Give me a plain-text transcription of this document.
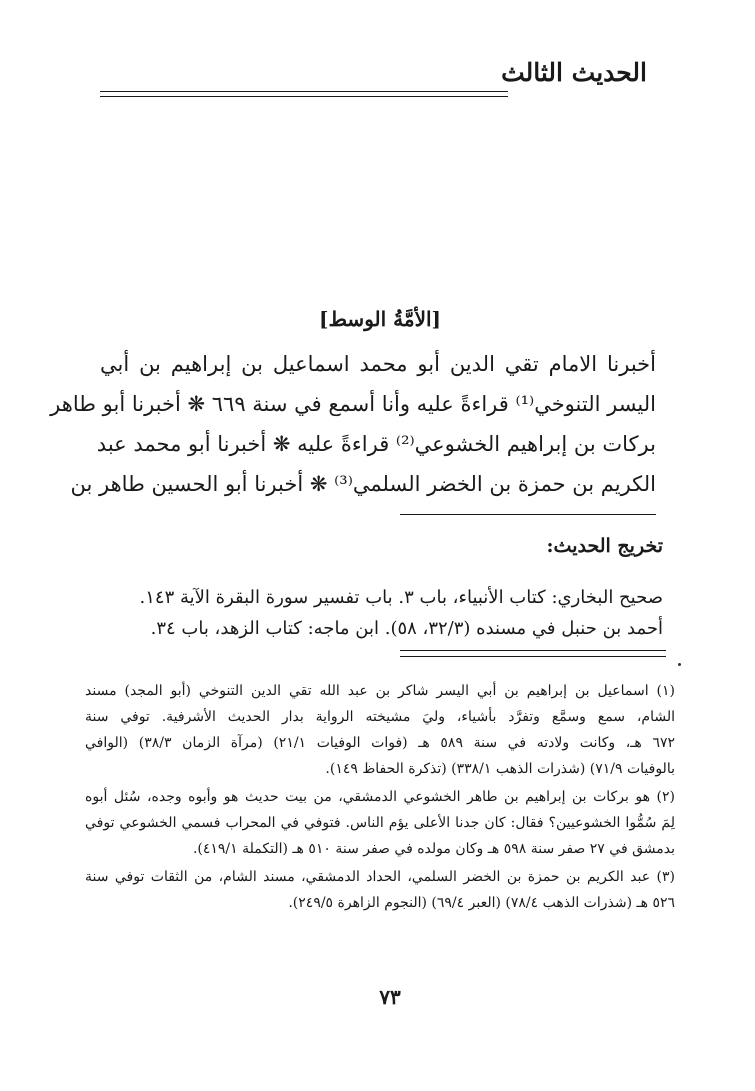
الحديث الثالث
[الأمَّةُ الوسط]
أخبرنا الامام تقي الدين أبو محمد اسماعيل بن إبراهيم بن أبي
اليسر التنوخي⁽¹⁾ قراءةً عليه وأنا أسمع في سنة ٦٦٩ ❋ أخبرنا أبو طاهر
بركات بن إبراهيم الخشوعي⁽²⁾ قراءةً عليه ❋ أخبرنا أبو محمد عبد
الكريم بن حمزة بن الخضر السلمي⁽³⁾ ❋ أخبرنا أبو الحسين طاهر بن
تخريج الحديث:
صحيح البخاري: كتاب الأنبياء، باب ٣. باب تفسير سورة البقرة الآية ١٤٣.
أحمد بن حنبل في مسنده (٣٢/٣، ٥٨). ابن ماجه: كتاب الزهد، باب ٣٤.
(١) اسماعيل بن إبراهيم بن أبي اليسر شاكر بن عبد الله تقي الدين التنوخي (أبو المجد) مسند
الشام، سمع وسمَّع وتفرَّد بأشياء، وليَ مشيخته الرواية بدار الحديث الأشرفية. توفي سنة
٦٧٢ هـ، وكانت ولادته في سنة ٥٨٩ هـ (فوات الوفيات ٢١/١) (مرآة الزمان ٣٨/٣) (الوافي
بالوفيات ٧١/٩) (شذرات الذهب ٣٣٨/١) (تذكرة الحفاظ ١٤٩).
(٢) هو بركات بن إبراهيم بن طاهر الخشوعي الدمشقي، من بيت حديث هو وأبوه وجده، سُئل أبوه
لِمَ سُمُّوا الخشوعيين؟ فقال: كان جدنا الأعلى يؤم الناس. فتوفي في المحراب فسمي الخشوعي توفي
بدمشق في ٢٧ صفر سنة ٥٩٨ هـ وكان مولده في صفر سنة ٥١٠ هـ (التكملة ٤١٩/١).
(٣) عبد الكريم بن حمزة بن الخضر السلمي، الحداد الدمشقي، مسند الشام، من الثقات توفي سنة
٥٢٦ هـ (شذرات الذهب ٧٨/٤) (العبر ٦٩/٤) (النجوم الزاهرة ٢٤٩/٥).
٧٣
